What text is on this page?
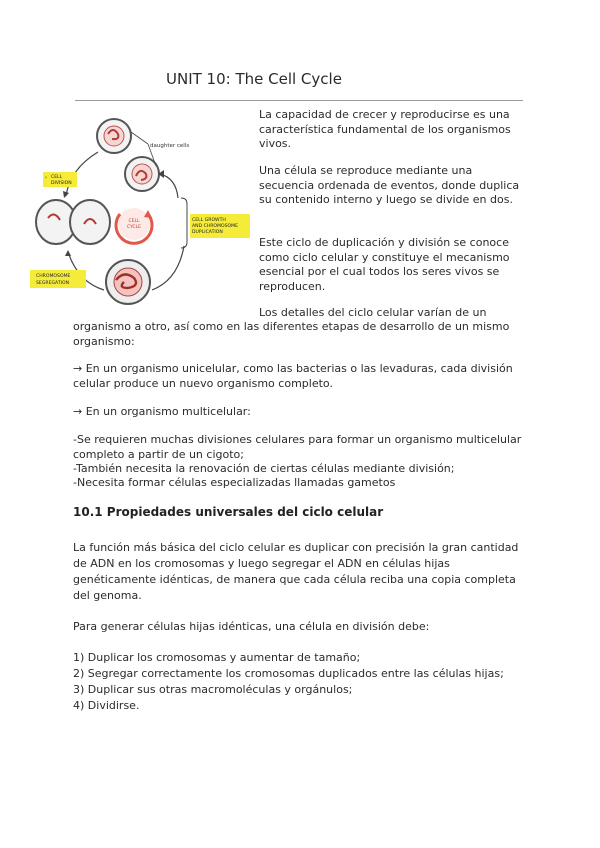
UNIT 10: The Cell Cycle
daughter cells
CELL
CYCLE
CELL
DIVISION
›
CELL GROWTH
AND CHROMOSOME
DUPLICATION
CHROMOSOME
SEGREGATION

La capacidad de crecer y reproducirse es una característica fundamental de los organismos vivos.

Una célula se reproduce mediante una secuencia ordenada de eventos, donde duplica su contenido interno y luego se divide en dos.

Este ciclo de duplicación y división se conoce como ciclo celular y constituye el mecanismo esencial por el cual todos los seres vivos se reproducen.

Los detalles del ciclo celular varían de un

organismo a otro, así como en las diferentes etapas de desarrollo de un mismo organismo:

→ En un organismo unicelular, como las bacterias o las levaduras, cada división celular produce un nuevo organismo completo.

→ En un organismo multicelular:

-Se requieren muchas divisiones celulares para formar un organismo multicelular completo a partir de un cigoto;

-También necesita la renovación de ciertas células mediante división;

-Necesita formar células especializadas llamadas gametos

10.1 Propiedades universales del ciclo celular

La función más básica del ciclo celular es duplicar con precisión la gran cantidad de ADN en los cromosomas y luego segregar el ADN en células hijas genéticamente idénticas, de manera que cada célula reciba una copia completa del genoma.

Para generar células hijas idénticas, una célula en división debe:

1) Duplicar los cromosomas y aumentar de tamaño;

2) Segregar correctamente los cromosomas duplicados entre las células hijas;

3) Duplicar sus otras macromoléculas y orgánulos;

4) Dividirse.
